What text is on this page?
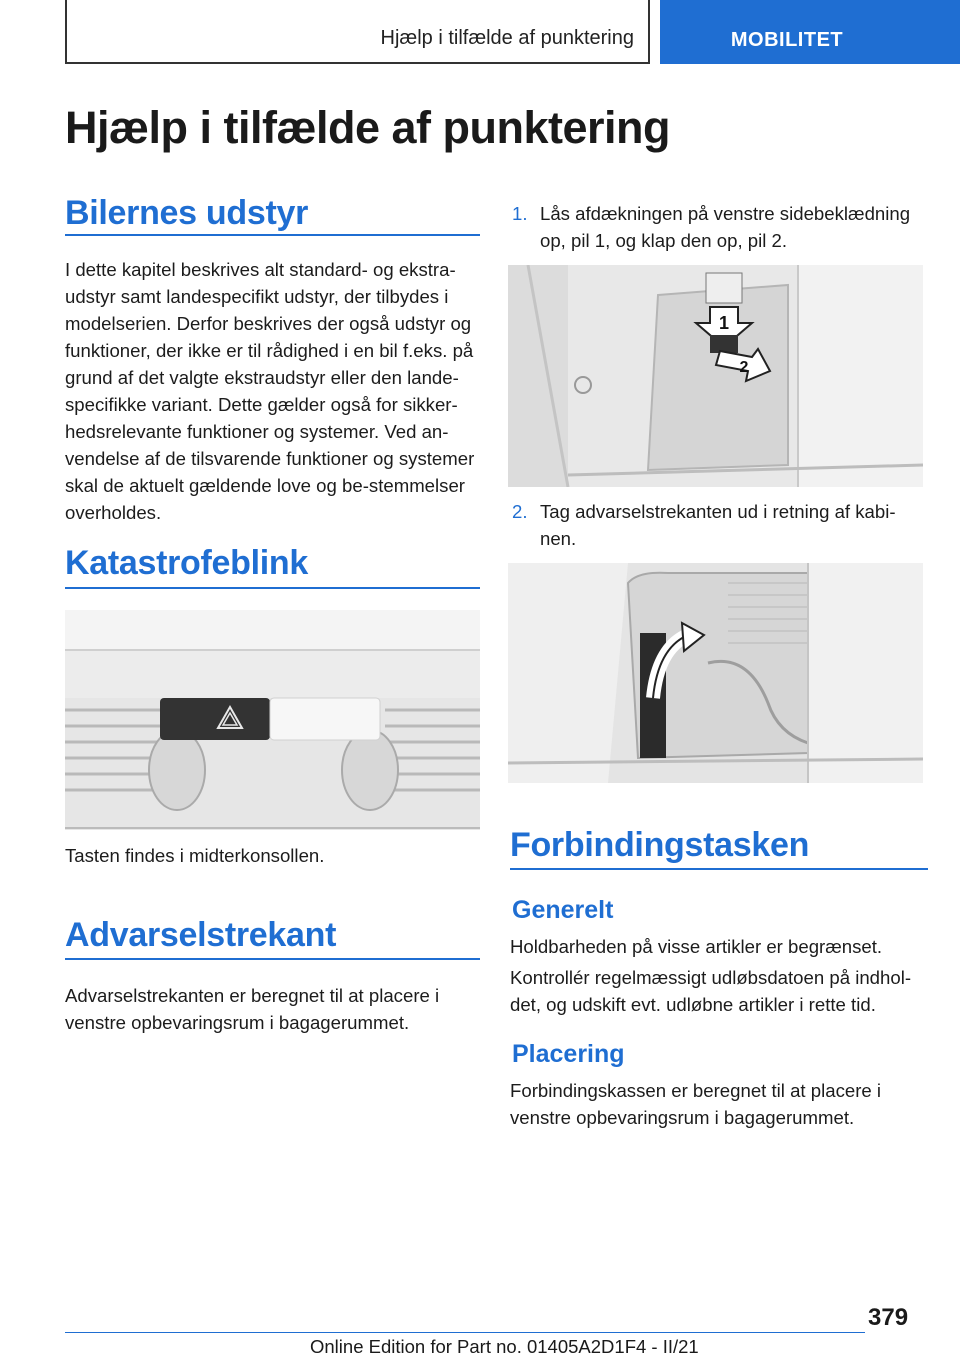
Hjælp i tilfælde af punktering	MOBILITET
Hjælp i tilfælde af punktering
Bilernes udstyr

I dette kapitel beskrives alt standard- og ekstra-udstyr samt landespecifikt udstyr, der tilbydes i modelserien. Derfor beskrives der også udstyr og funktioner, der ikke er til rådighed i en bil f.eks. på grund af det valgte ekstraudstyr eller den lande-specifikke variant. Dette gælder også for sikker-hedsrelevante funktioner og systemer. Ved an-vendelse af de tilsvarende funktioner og systemer skal de aktuelt gældende love og be-stemmelser overholdes.

Katastrofeblink

Tasten findes i midterkonsollen.

Advarselstrekant

Advarselstrekanten er beregnet til at placere i venstre opbevaringsrum i bagagerummet.

1. Lås afdækningen på venstre sidebeklædning op, pil 1, og klap den op, pil 2.
1
2
2. Tag advarselstrekanten ud i retning af kabi-nen.
Forbindingstasken
Generelt

Holdbarheden på visse artikler er begrænset.

Kontrollér regelmæssigt udløbsdatoen på indhol-det, og udskift evt. udløbne artikler i rette tid.

Placering

Forbindingskassen er beregnet til at placere i venstre opbevaringsrum i bagagerummet.

379
Online Edition for Part no. 01405A2D1F4 - II/21
